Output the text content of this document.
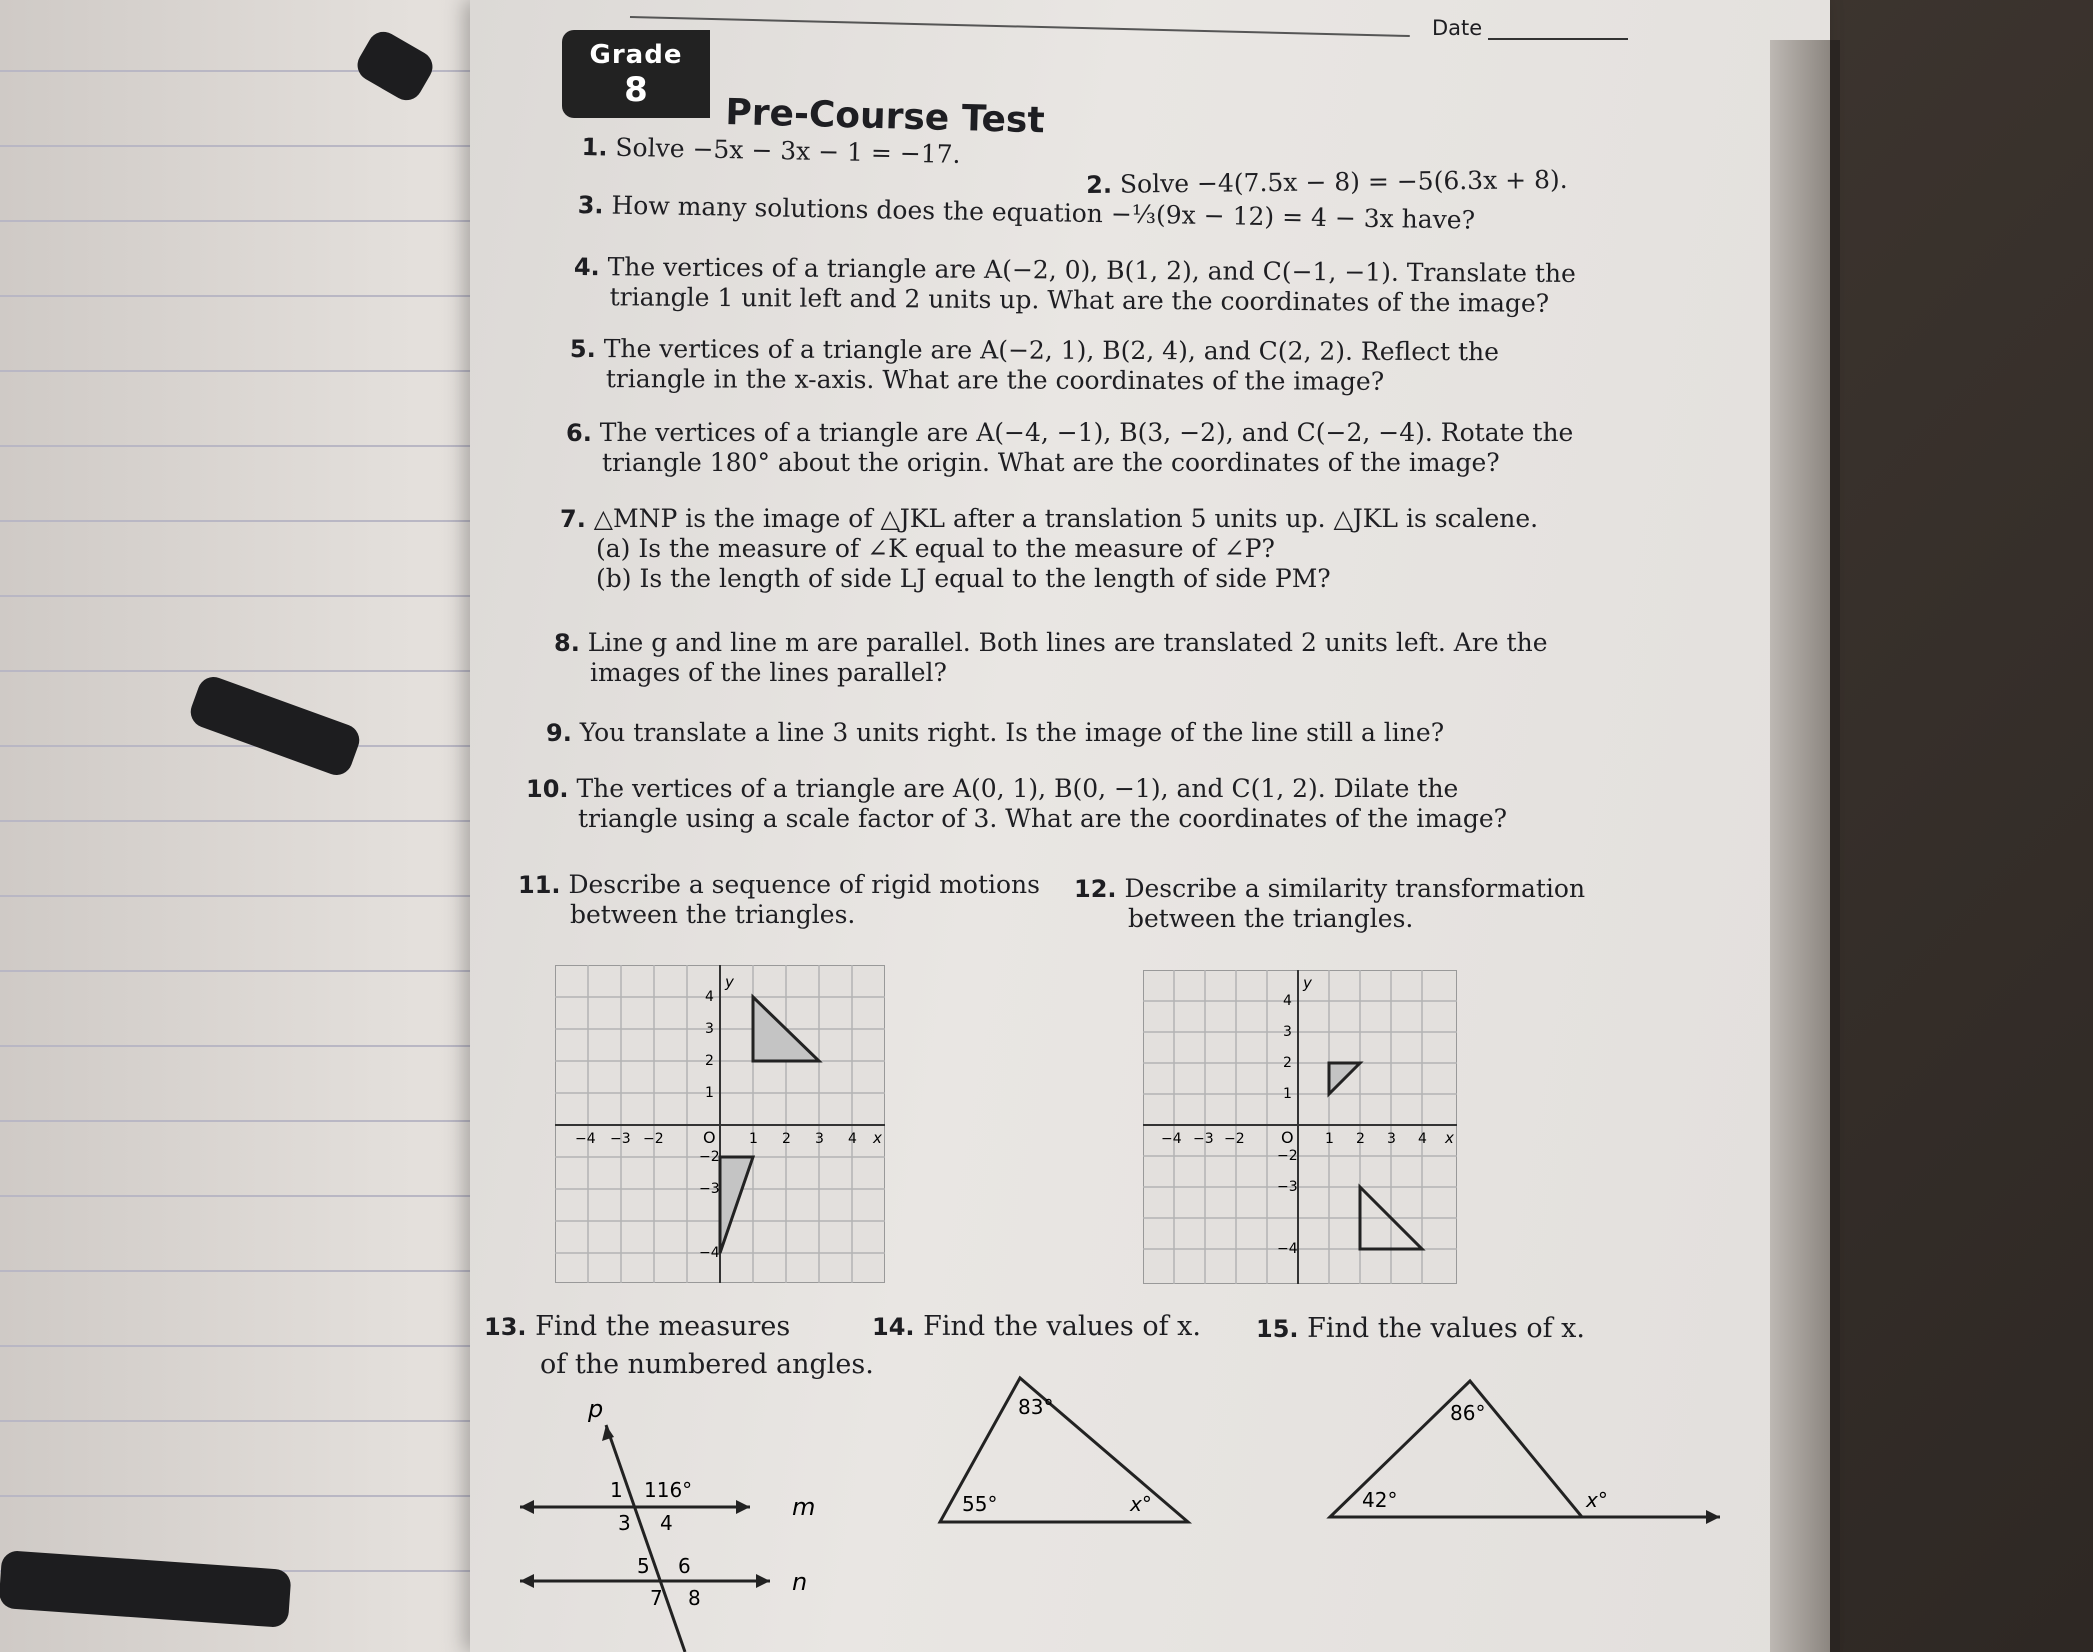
Date
Grade
8
Pre-Course Test
1. Solve −5x − 3x − 1 = −17.
2. Solve −4(7.5x − 8) = −5(6.3x + 8).
3. How many solutions does the equation −⅓(9x − 12) = 4 − 3x have?
4. The vertices of a triangle are A(−2, 0), B(1, 2), and C(−1, −1). Translate the
triangle 1 unit left and 2 units up. What are the coordinates of the image?
5. The vertices of a triangle are A(−2, 1), B(2, 4), and C(2, 2). Reflect the
triangle in the x-axis. What are the coordinates of the image?
6. The vertices of a triangle are A(−4, −1), B(3, −2), and C(−2, −4). Rotate the
triangle 180° about the origin. What are the coordinates of the image?
7. △MNP is the image of △JKL after a translation 5 units up. △JKL is scalene.
(a) Is the measure of ∠K equal to the measure of ∠P?
(b) Is the length of side LJ equal to the length of side PM?
8. Line g and line m are parallel. Both lines are translated 2 units left. Are the
images of the lines parallel?
9. You translate a line 3 units right. Is the image of the line still a line?
10. The vertices of a triangle are A(0, 1), B(0, −1), and C(1, 2). Dilate the
triangle using a scale factor of 3. What are the coordinates of the image?
11. Describe a sequence of rigid motions
between the triangles.
12. Describe a similarity transformation
between the triangles.
y
x
O
−4 −3 −2	1 2 3 4
4
3
2
1
−2
−3
−4
y
x
O
−4 −3 −2	1 2 3 4
4
3
2
1
−2
−3
−4
13. Find the measures
of the numbered angles.
14. Find the values of x. 15. Find the values of x.
p
m
n
116°
1
3 4
5 6
7 8
83°
55°	x°
86°
42°	x°
